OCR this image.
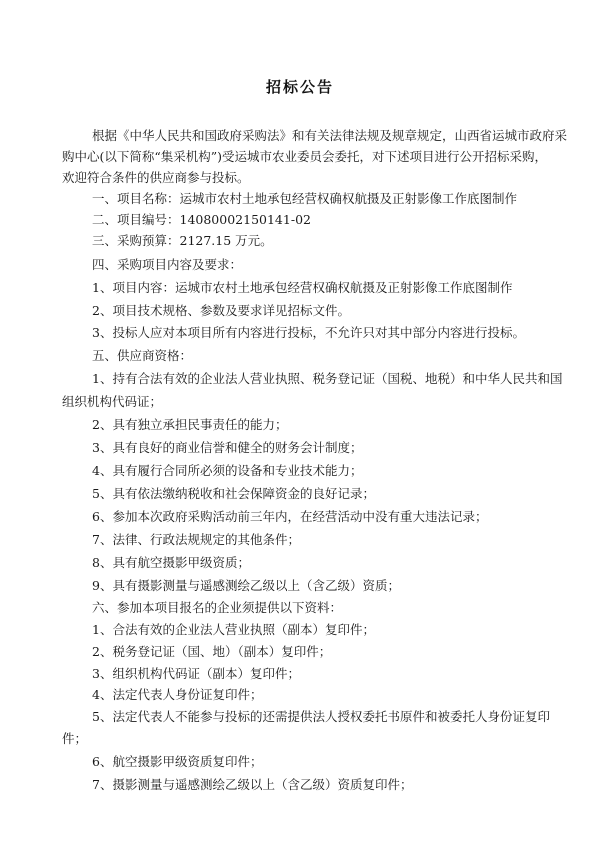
招标公告
根据《中华人民共和国政府采购法》和有关法律法规及规章规定，山西省运城市政府采
购中心(以下简称“集采机构”)受运城市农业委员会委托，对下述项目进行公开招标采购，
欢迎符合条件的供应商参与投标。
一、项目名称：运城市农村土地承包经营权确权航摄及正射影像工作底图制作
二、项目编号：14080002150141-02
三、采购预算：2127.15 万元。
四、采购项目内容及要求：
1、项目内容：运城市农村土地承包经营权确权航摄及正射影像工作底图制作
2、项目技术规格、参数及要求详见招标文件。
3、投标人应对本项目所有内容进行投标，不允许只对其中部分内容进行投标。
五、供应商资格：
1、持有合法有效的企业法人营业执照、税务登记证（国税、地税）和中华人民共和国
组织机构代码证；
2、具有独立承担民事责任的能力；
3、具有良好的商业信誉和健全的财务会计制度；
4、具有履行合同所必须的设备和专业技术能力；
5、具有依法缴纳税收和社会保障资金的良好记录；
6、参加本次政府采购活动前三年内，在经营活动中没有重大违法记录；
7、法律、行政法规规定的其他条件；
8、具有航空摄影甲级资质；
9、具有摄影测量与遥感测绘乙级以上（含乙级）资质；
六、参加本项目报名的企业须提供以下资料：
1、合法有效的企业法人营业执照（副本）复印件；
2、税务登记证（国、地）（副本）复印件；
3、组织机构代码证（副本）复印件；
4、法定代表人身份证复印件；
5、法定代表人不能参与投标的还需提供法人授权委托书原件和被委托人身份证复印
件；
6、航空摄影甲级资质复印件；
7、摄影测量与遥感测绘乙级以上（含乙级）资质复印件；
